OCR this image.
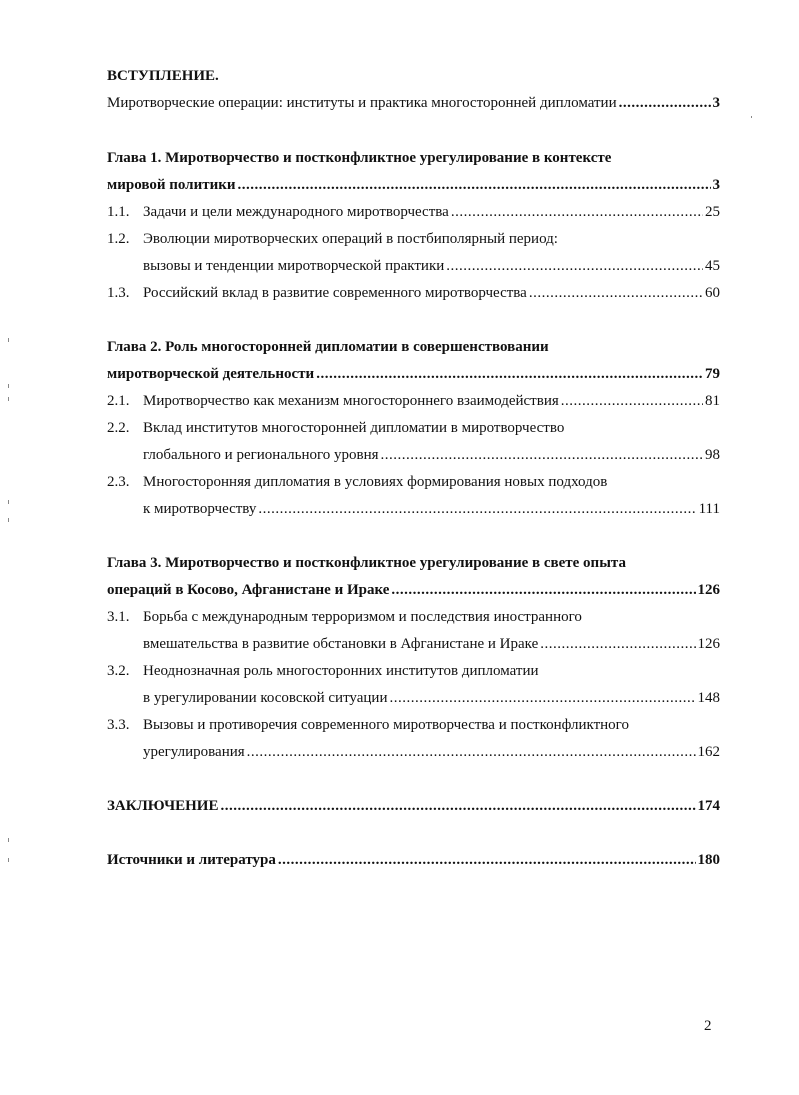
ВСТУПЛЕНИЕ.
Миротворческие операции: институты и практика многосторонней дипломатии .....	3
Глава 1. Миротворчество и постконфликтное урегулирование в контексте
мировой политики .....	3
1.1. Задачи и цели международного миротворчества .....	25
1.2. Эволюции миротворческих операций в постбиполярный период:
вызовы и тенденции миротворческой практики .....	45
1.3. Российский вклад в развитие современного миротворчества .....	60
Глава 2. Роль многосторонней дипломатии в совершенствовании
миротворческой деятельности .....	79
2.1. Миротворчество как механизм многостороннего взаимодействия .....	81
2.2. Вклад институтов многосторонней дипломатии в миротворчество
глобального и регионального уровня .....	98
2.3. Многосторонняя дипломатия в условиях формирования новых подходов
к миротворчеству .....	111
Глава 3. Миротворчество и постконфликтное урегулирование в свете опыта
операций в Косово, Афганистане и Ираке .....	126
3.1. Борьба с международным терроризмом и последствия иностранного
вмешательства в развитие обстановки в Афганистане и Ираке .....	126
3.2. Неоднозначная роль многосторонних институтов дипломатии
в урегулировании косовской ситуации .....	148
3.3. Вызовы и противоречия современного миротворчества и постконфликтного
урегулирования .....	162
ЗАКЛЮЧЕНИЕ .....	174
Источники и литература .....	180
2
